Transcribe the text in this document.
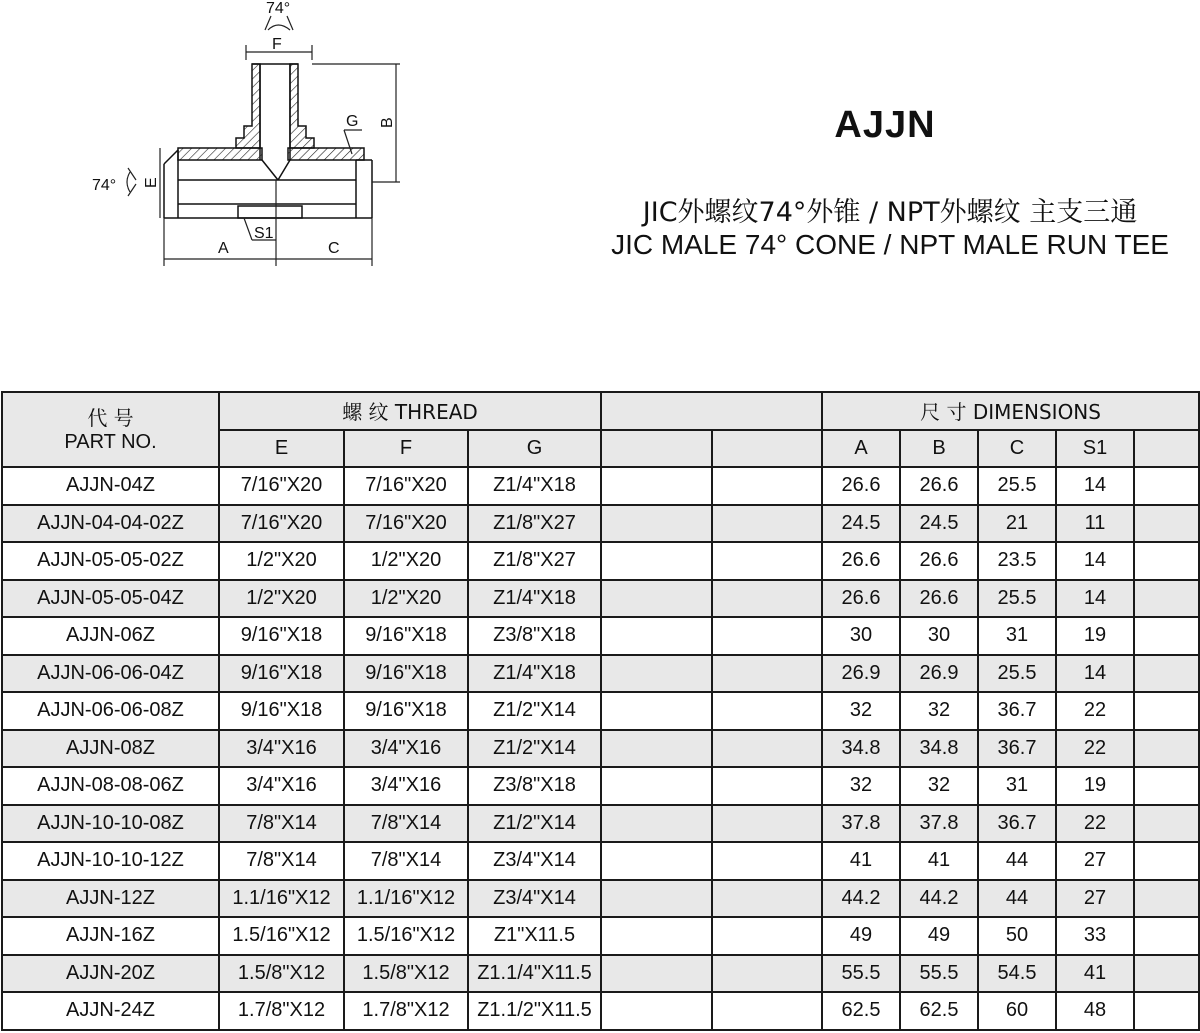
74°
F
B
G
E
74°
S1
A	C
AJJN
JIC外螺纹74°外锥 / NPT外螺纹 主支三通
JIC MALE 74° CONE / NPT MALE RUN TEE
代 号
PART NO.	螺 纹 THREAD					尺 寸 DIMENSIONS				
	E	F	G			A	B	C	S1	
AJJN-04Z	7/16"X20	7/16"X20	Z1/4"X18			26.6	26.6	25.5	14	
AJJN-04-04-02Z	7/16"X20	7/16"X20	Z1/8"X27			24.5	24.5	21	11	
AJJN-05-05-02Z	1/2"X20	1/2"X20	Z1/8"X27			26.6	26.6	23.5	14	
AJJN-05-05-04Z	1/2"X20	1/2"X20	Z1/4"X18			26.6	26.6	25.5	14	
AJJN-06Z	9/16"X18	9/16"X18	Z3/8"X18			30	30	31	19	
AJJN-06-06-04Z	9/16"X18	9/16"X18	Z1/4"X18			26.9	26.9	25.5	14	
AJJN-06-06-08Z	9/16"X18	9/16"X18	Z1/2"X14			32	32	36.7	22	
AJJN-08Z	3/4"X16	3/4"X16	Z1/2"X14			34.8	34.8	36.7	22	
AJJN-08-08-06Z	3/4"X16	3/4"X16	Z3/8"X18			32	32	31	19	
AJJN-10-10-08Z	7/8"X14	7/8"X14	Z1/2"X14			37.8	37.8	36.7	22	
AJJN-10-10-12Z	7/8"X14	7/8"X14	Z3/4"X14			41	41	44	27	
AJJN-12Z	1.1/16"X12	1.1/16"X12	Z3/4"X14			44.2	44.2	44	27	
AJJN-16Z	1.5/16"X12	1.5/16"X12	Z1"X11.5			49	49	50	33	
AJJN-20Z	1.5/8"X12	1.5/8"X12	Z1.1/4"X11.5			55.5	55.5	54.5	41	
AJJN-24Z	1.7/8"X12	1.7/8"X12	Z1.1/2"X11.5			62.5	62.5	60	48	
